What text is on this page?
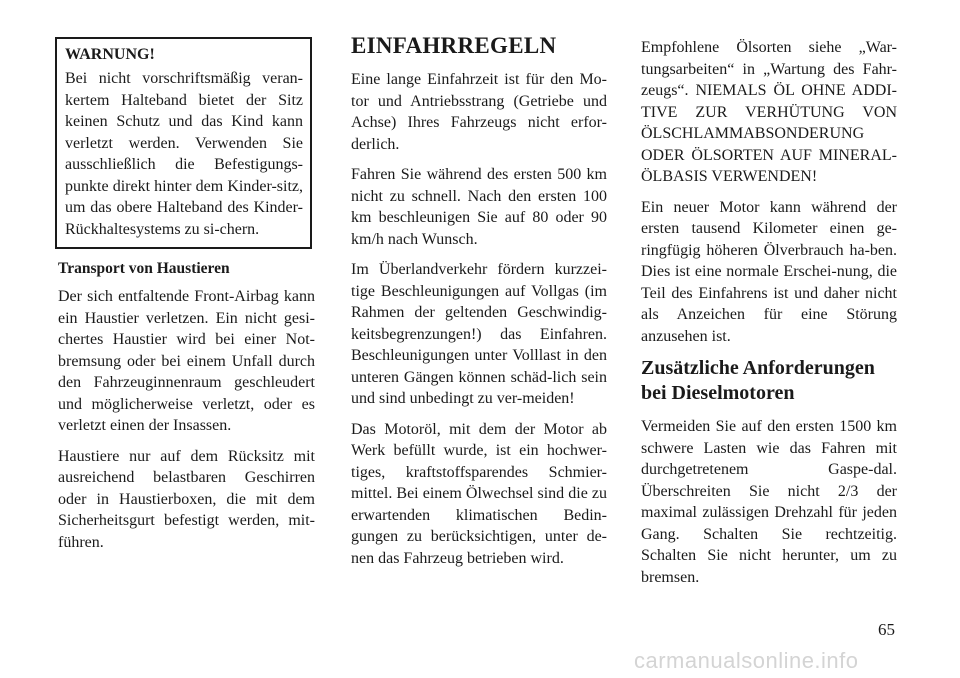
WARNUNG!

Bei nicht vorschriftsmäßig veran-kertem Halteband bietet der Sitz keinen Schutz und das Kind kann verletzt werden. Verwenden Sie ausschließlich die Befestigungs-punkte direkt hinter dem Kinder-sitz, um das obere Halteband des Kinder-Rückhaltesystems zu si-chern.

Transport von Haustieren

Der sich entfaltende Front-Airbag kann ein Haustier verletzen. Ein nicht gesi-chertes Haustier wird bei einer Not-bremsung oder bei einem Unfall durch den Fahrzeuginnenraum geschleudert und möglicherweise verletzt, oder es verletzt einen der Insassen.

Haustiere nur auf dem Rücksitz mit ausreichend belastbaren Geschirren oder in Haustierboxen, die mit dem Sicherheitsgurt befestigt werden, mit-führen.

EINFAHRREGELN

Eine lange Einfahrzeit ist für den Mo-tor und Antriebsstrang (Getriebe und Achse) Ihres Fahrzeugs nicht erfor-derlich.

Fahren Sie während des ersten 500 km nicht zu schnell. Nach den ersten 100 km beschleunigen Sie auf 80 oder 90 km/h nach Wunsch.

Im Überlandverkehr fördern kurzzei-tige Beschleunigungen auf Vollgas (im Rahmen der geltenden Geschwindig-keitsbegrenzungen!) das Einfahren. Beschleunigungen unter Volllast in den unteren Gängen können schäd-lich sein und sind unbedingt zu ver-meiden!

Das Motoröl, mit dem der Motor ab Werk befüllt wurde, ist ein hochwer-tiges, kraftstoffsparendes Schmier-mittel. Bei einem Ölwechsel sind die zu erwartenden klimatischen Bedin-gungen zu berücksichtigen, unter de-nen das Fahrzeug betrieben wird.

Empfohlene Ölsorten siehe „War-tungsarbeiten“ in „Wartung des Fahr-zeugs“. NIEMALS ÖL OHNE ADDI-TIVE ZUR VERHÜTUNG VON ÖLSCHLAMMABSONDERUNG ODER ÖLSORTEN AUF MINERAL-ÖLBASIS VERWENDEN!

Ein neuer Motor kann während der ersten tausend Kilometer einen ge-ringfügig höheren Ölverbrauch ha-ben. Dies ist eine normale Erschei-nung, die Teil des Einfahrens ist und daher nicht als Anzeichen für eine Störung anzusehen ist.

Zusätzliche Anforderungen
bei Dieselmotoren

Vermeiden Sie auf den ersten 1500 km schwere Lasten wie das Fahren mit durchgetretenem Gaspe-dal. Überschreiten Sie nicht 2/3 der maximal zulässigen Drehzahl für jeden Gang. Schalten Sie rechtzeitig. Schalten Sie nicht herunter, um zu bremsen.

65
carmanualsonline.info
